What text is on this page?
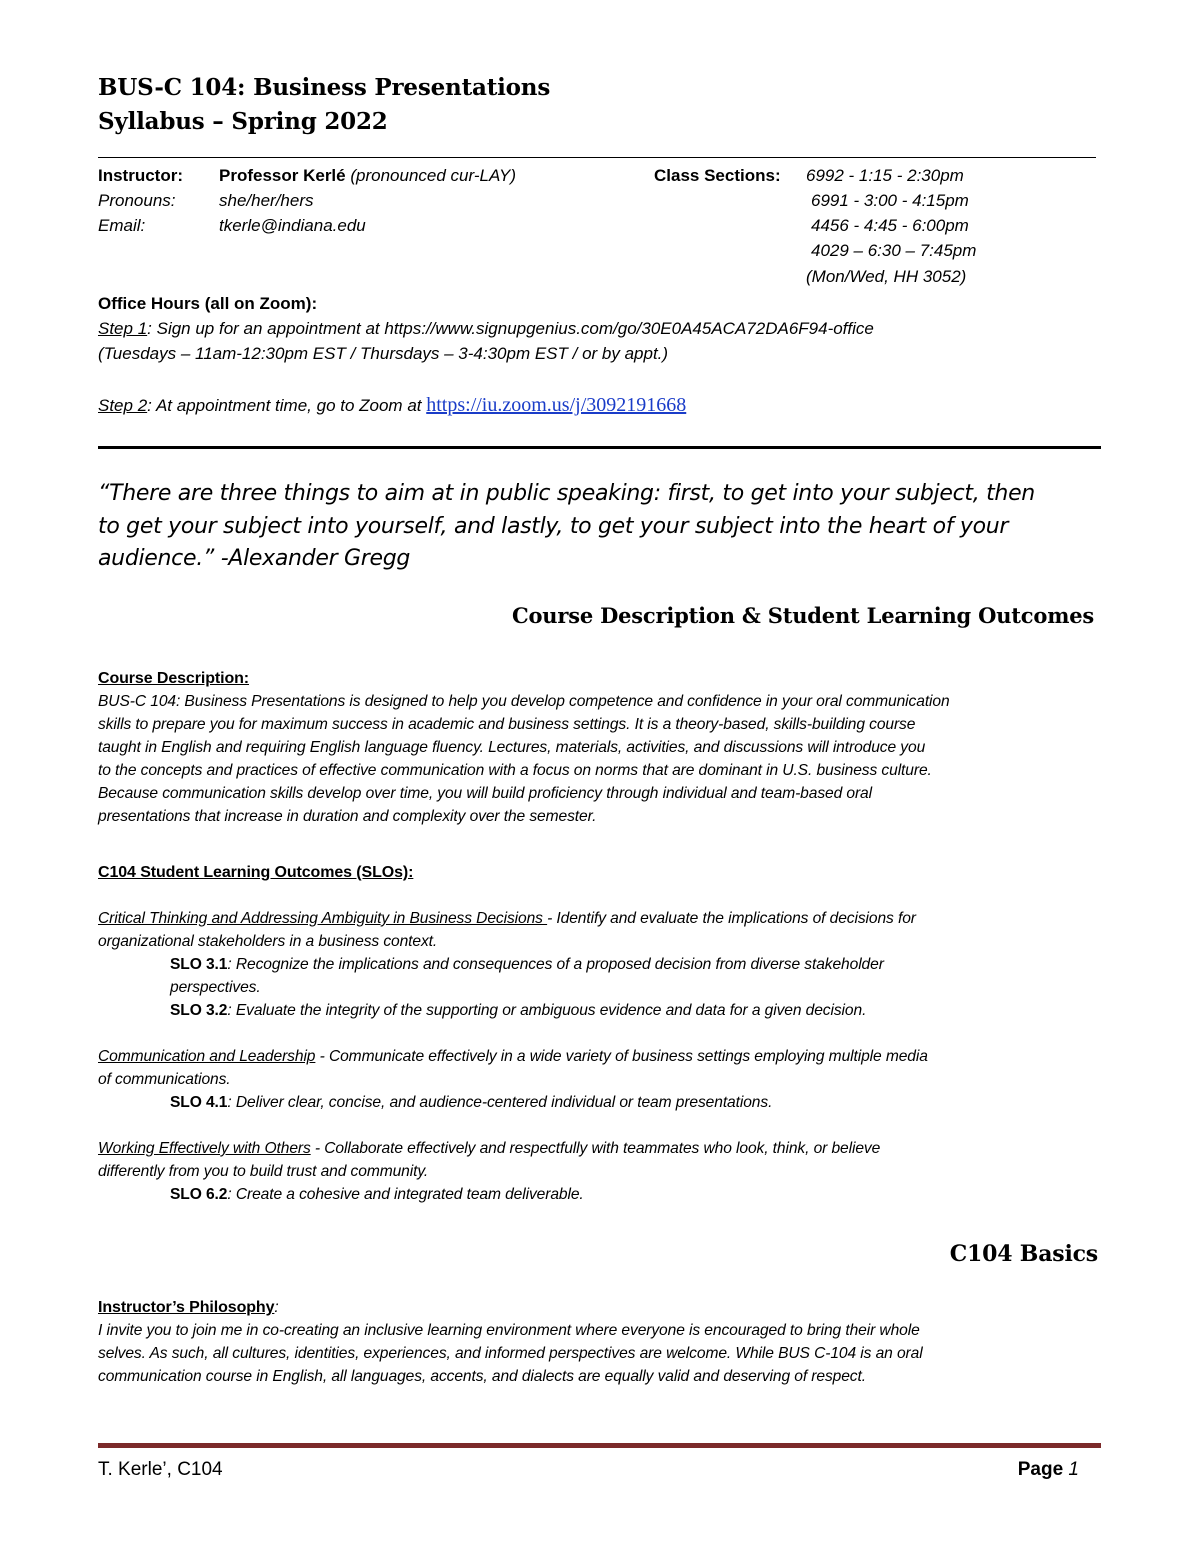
BUS-C 104: Business Presentations
Syllabus – Spring 2022
Instructor: Professor Kerlé (pronounced cur-LAY)
Pronouns:	she/her/hers
Email:	tkerle@indiana.edu
Class Sections: 6992 - 1:15 - 2:30pm
6991 - 3:00 - 4:15pm
4456 - 4:45 - 6:00pm
4029 – 6:30 – 7:45pm
(Mon/Wed, HH 3052)
Office Hours (all on Zoom):
Step 1: Sign up for an appointment at https://www.signupgenius.com/go/30E0A45ACA72DA6F94-office
(Tuesdays – 11am-12:30pm EST / Thursdays – 3-4:30pm EST / or by appt.)
Step 2: At appointment time, go to Zoom at https://iu.zoom.us/j/3092191668
“There are three things to aim at in public speaking: first, to get into your subject, then
to get your subject into yourself, and lastly, to get your subject into the heart of your
audience.” -Alexander Gregg
Course Description & Student Learning Outcomes
Course Description:
BUS-C 104: Business Presentations is designed to help you develop competence and confidence in your oral communication
skills to prepare you for maximum success in academic and business settings. It is a theory-based, skills-building course
taught in English and requiring English language fluency. Lectures, materials, activities, and discussions will introduce you
to the concepts and practices of effective communication with a focus on norms that are dominant in U.S. business culture.
Because communication skills develop over time, you will build proficiency through individual and team-based oral
presentations that increase in duration and complexity over the semester.
C104 Student Learning Outcomes (SLOs):
Critical Thinking and Addressing Ambiguity in Business Decisions - Identify and evaluate the implications of decisions for
organizational stakeholders in a business context.
SLO 3.1: Recognize the implications and consequences of a proposed decision from diverse stakeholder
perspectives.
SLO 3.2: Evaluate the integrity of the supporting or ambiguous evidence and data for a given decision.
Communication and Leadership - Communicate effectively in a wide variety of business settings employing multiple media
of communications.
SLO 4.1: Deliver clear, concise, and audience-centered individual or team presentations.
Working Effectively with Others - Collaborate effectively and respectfully with teammates who look, think, or believe
differently from you to build trust and community.
SLO 6.2: Create a cohesive and integrated team deliverable.
C104 Basics
Instructor’s Philosophy:
I invite you to join me in co-creating an inclusive learning environment where everyone is encouraged to bring their whole
selves. As such, all cultures, identities, experiences, and informed perspectives are welcome. While BUS C-104 is an oral
communication course in English, all languages, accents, and dialects are equally valid and deserving of respect.
T. Kerle’, C104	Page 1
